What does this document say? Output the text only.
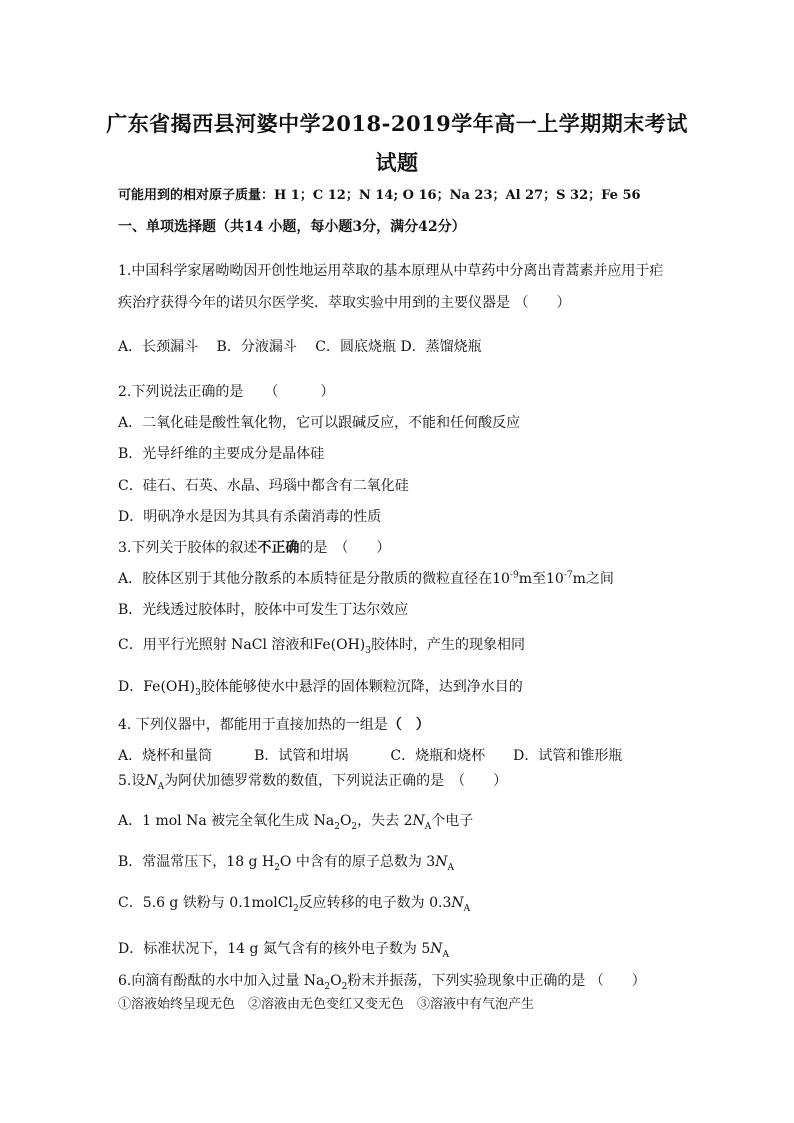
广东省揭西县河婆中学2018-2019学年高一上学期期末考试
试题
可能用到的相对原子质量：H 1；C 12；N 14; O 16；Na 23；Al 27；S 32；Fe 56
一、单项选择题（共14 小题，每小题3分，满分42分）
1.中国科学家屠呦呦因开创性地运用萃取的基本原理从中草药中分离出青蒿素并应用于疟
疾治疗获得今年的诺贝尔医学奖．萃取实验中用到的主要仪器是 （　　）
A．长颈漏斗　 B．分液漏斗　 C．圆底烧瓶 D．蒸馏烧瓶
2.下列说法正确的是　　（　　　）
A．二氧化硅是酸性氧化物，它可以跟碱反应，不能和任何酸反应
B．光导纤维的主要成分是晶体硅
C．硅石、石英、水晶、玛瑙中都含有二氧化硅
D．明矾净水是因为其具有杀菌消毒的性质
3.下列关于胶体的叙述不正确的是　（　　）
A．胶体区别于其他分散系的本质特征是分散质的微粒直径在$10^{-9}m$至$10^{-7}m$之间
B．光线透过胶体时，胶体中可发生丁达尔效应
C．用平行光照射 NaCl 溶液和$Fe(OH)_3$胶体时，产生的现象相同
D．$Fe(OH)_3$胶体能够使水中悬浮的固体颗粒沉降，达到净水目的
4. 下列仪器中，都能用于直接加热的一组是（　）
A．烧杯和量筒　　　B．试管和坩埚　　　C．烧瓶和烧杯　　D．试管和锥形瓶
5.设$N_A$为阿伏加德罗常数的数值，下列说法正确的是　（　　）
A．1 mol Na 被完全氧化生成 $Na_2O_2$，失去 $2N_A$个电子
B．常温常压下，18 g $H_2O$ 中含有的原子总数为 $3N_A$
C．5.6 g 铁粉与 0.1molCl$_2$反应转移的电子数为 $0.3N_A$
D．标准状况下，14 g 氮气含有的核外电子数为 $5N_A$
6.向滴有酚酞的水中加入过量 $Na_2O_2$粉末并振荡，下列实验现象中正确的是 （　　）
①溶液始终呈现无色　②溶液由无色变红又变无色　③溶液中有气泡产生
